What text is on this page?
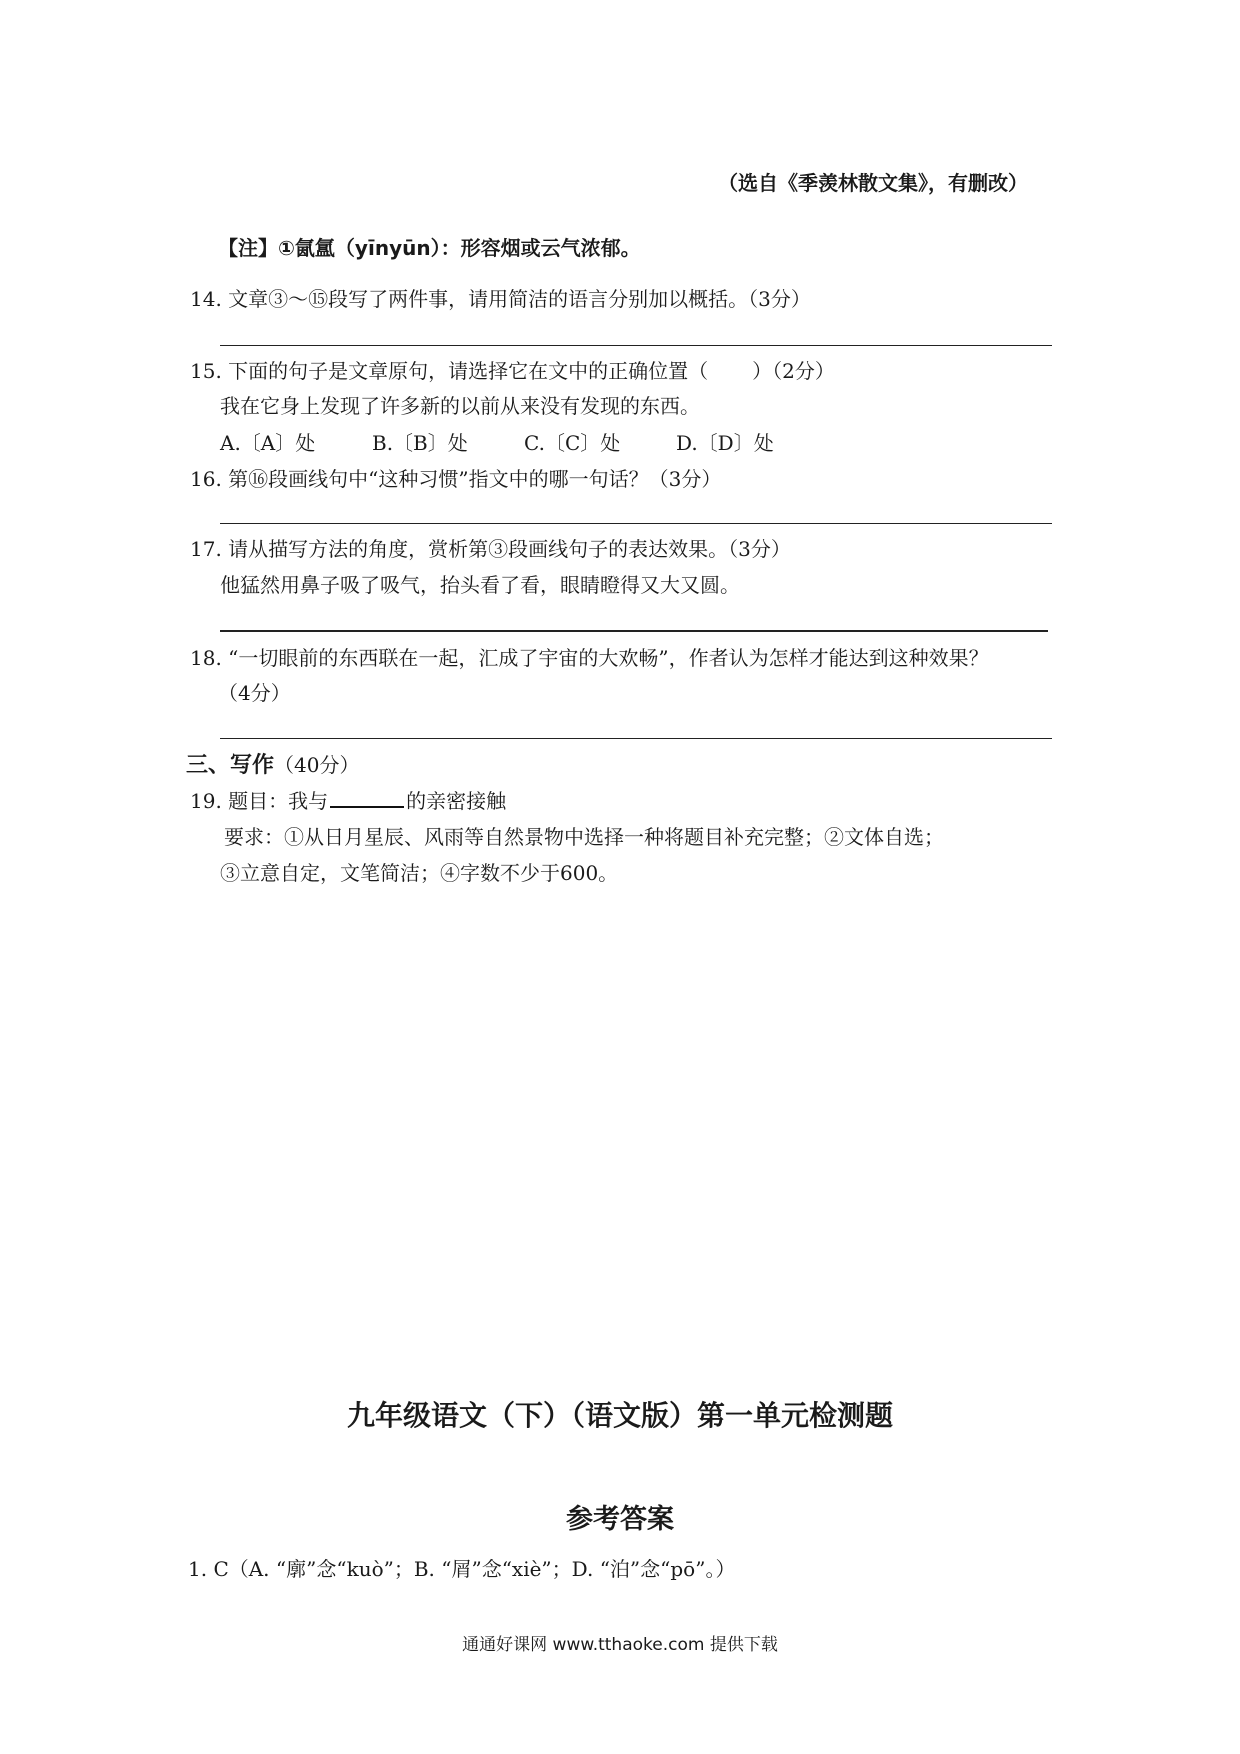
（选自《季羡林散文集》，有删改）
【注】①氤氲（yīnyūn）：形容烟或云气浓郁。
14. 文章③～⑮段写了两件事，请用简洁的语言分别加以概括。（3分）
15. 下面的句子是文章原句，请选择它在文中的正确位置（ ）（2分）
我在它身上发现了许多新的以前从来没有发现的东西。
A.〔A〕处	B.〔B〕处	C.〔C〕处	D.〔D〕处
16. 第⑯段画线句中“这种习惯”指文中的哪一句话？（3分）
17. 请从描写方法的角度，赏析第③段画线句子的表达效果。（3分）
他猛然用鼻子吸了吸气，抬头看了看，眼睛瞪得又大又圆。
18. “一切眼前的东西联在一起，汇成了宇宙的大欢畅”，作者认为怎样才能达到这种效果？
（4分）
三、写作（40分）
19. 题目：我与	的亲密接触
要求：①从日月星辰、风雨等自然景物中选择一种将题目补充完整；②文体自选；
③立意自定，文笔简洁；④字数不少于600。
九年级语文（下）（语文版）第一单元检测题
参考答案
1. C（A. “廓”念“kuò”；B. “屑”念“xiè”；D. “泊”念“pō”。）
通通好课网 www.tthaoke.com 提供下载
